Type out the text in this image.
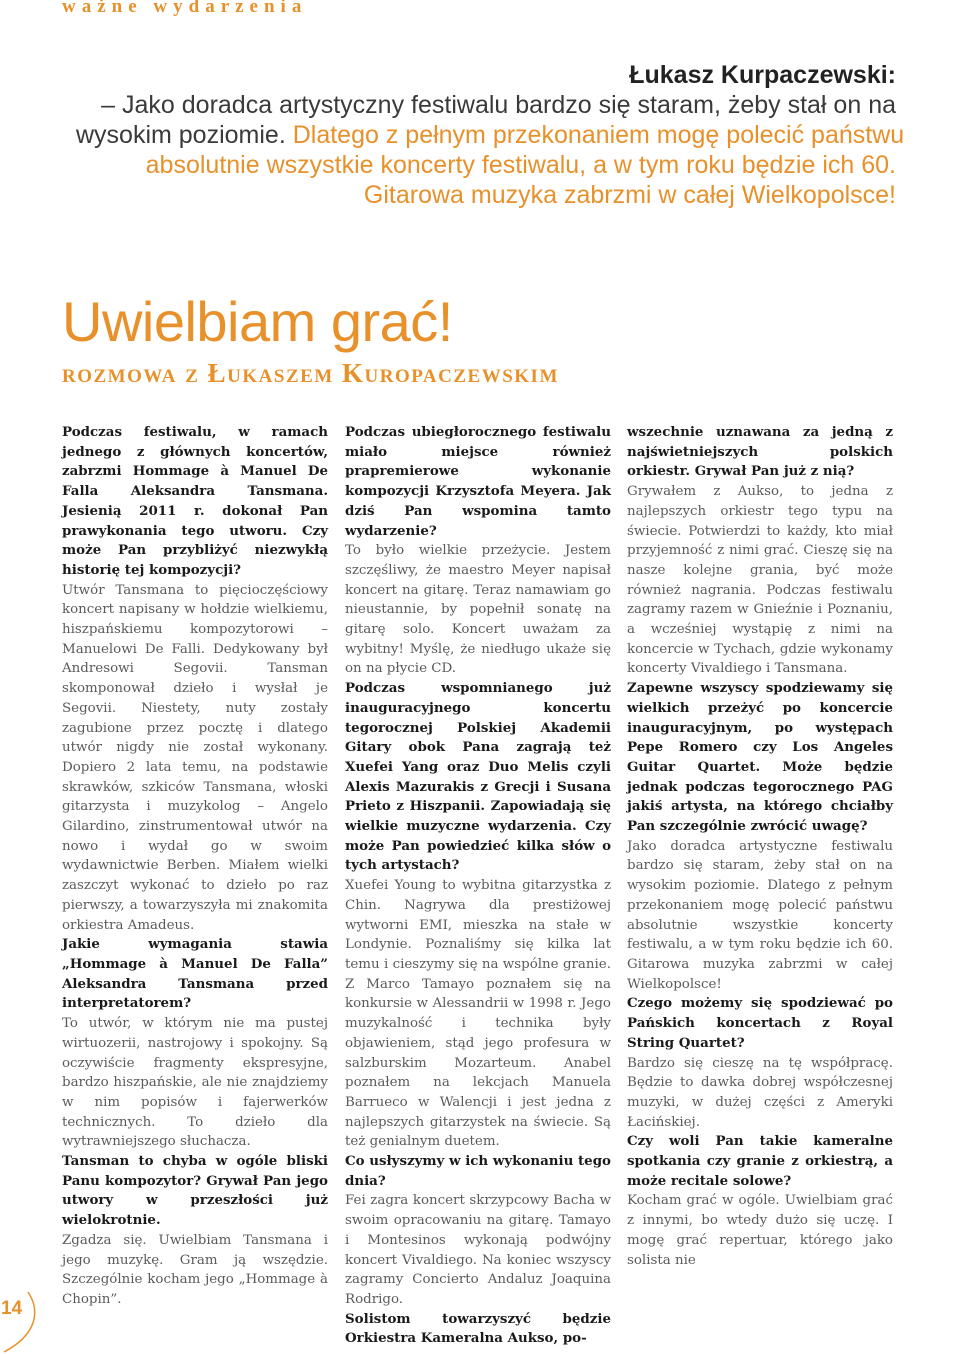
ważne wydarzenia
Łukasz Kurpaczewski:
– Jako doradca artystyczny festiwalu bardzo się staram, żeby stał on na
wysokim poziomie. Dlatego z pełnym przekonaniem mogę polecić państwu
absolutnie wszystkie koncerty festiwalu, a w tym roku będzie ich 60.
Gitarowa muzyka zabrzmi w całej Wielkopolsce!
Uwielbiam grać!
rozmowa z Łukaszem Kuropaczewskim

Podczas festiwalu, w ramach jednego z głównych koncertów, zabrzmi Hommage à Manuel De Falla Aleksandra Tansmana. Jesienią 2011 r. dokonał Pan prawykonania tego utworu. Czy może Pan przybliżyć niezwykłą historię tej kompozycji?

Utwór Tansmana to pięcioczęściowy koncert napisany w hołdzie wielkiemu, hiszpańskiemu kompozytorowi – Manuelowi De Falli. Dedykowany był Andresowi Segovii. Tansman skomponował dzieło i wysłał je Segovii. Niestety, nuty zostały zagubione przez pocztę i dlatego utwór nigdy nie został wykonany. Dopiero 2 lata temu, na podstawie skrawków, szkiców Tansmana, włoski gitarzysta i muzykolog – Angelo Gilardino, zinstrumentował utwór na nowo i wydał go w swoim wydawnictwie Berben. Miałem wielki zaszczyt wykonać to dzieło po raz pierwszy, a towarzyszyła mi znakomita orkiestra Amadeus.

Jakie wymagania stawia „Hommage à Manuel De Falla” Aleksandra Tansmana przed interpretatorem?

To utwór, w którym nie ma pustej wirtuozerii, nastrojowy i spokojny. Są oczywiście fragmenty ekspresyjne, bardzo hiszpańskie, ale nie znajdziemy w nim popisów i fajerwerków technicznych. To dzieło dla wytrawniejszego słuchacza.

Tansman to chyba w ogóle bliski Panu kompozytor? Grywał Pan jego utwory w przeszłości już wielokrotnie.

Zgadza się. Uwielbiam Tansmana i jego muzykę. Gram ją wszędzie. Szczególnie kocham jego „Hommage à Chopin”.

Podczas ubiegłorocznego festiwalu miało miejsce również prapremierowe wykonanie kompozycji Krzysztofa Meyera. Jak dziś Pan wspomina tamto wydarzenie?

To było wielkie przeżycie. Jestem szczęśliwy, że maestro Meyer napisał koncert na gitarę. Teraz namawiam go nieustannie, by popełnił sonatę na gitarę solo. Koncert uważam za wybitny! Myślę, że niedługo ukaże się on na płycie CD.

Podczas wspomnianego już inauguracyjnego koncertu tegorocznej Polskiej Akademii Gitary obok Pana zagrają też Xuefei Yang oraz Duo Melis czyli Alexis Mazurakis z Grecji i Susana Prieto z Hiszpanii. Zapowiadają się wielkie muzyczne wydarzenia. Czy może Pan powiedzieć kilka słów o tych artystach?

Xuefei Young to wybitna gitarzystka z Chin. Nagrywa dla prestiżowej wytworni EMI, mieszka na stałe w Londynie. Poznaliśmy się kilka lat temu i cieszymy się na wspólne granie. Z Marco Tamayo poznałem się na konkursie w Alessandrii w 1998 r. Jego muzykalność i technika były objawieniem, stąd jego profesura w salzburskim Mozarteum. Anabel poznałem na lekcjach Manuela Barrueco w Walencji i jest jedna z najlepszych gitarzystek na świecie. Są też genialnym duetem.

Co usłyszymy w ich wykonaniu tego dnia?

Fei zagra koncert skrzypcowy Bacha w swoim opracowaniu na gitarę. Tamayo i Montesinos wykonają podwójny koncert Vivaldiego. Na koniec wszyscy zagramy Concierto Andaluz Joaquina Rodrigo.

Solistom towarzyszyć będzie Orkiestra Kameralna Aukso, po-

wszechnie uznawana za jedną z najświetniejszych polskich orkiestr. Grywał Pan już z nią?

Grywałem z Aukso, to jedna z najlepszych orkiestr tego typu na świecie. Potwierdzi to każdy, kto miał przyjemność z nimi grać. Cieszę się na nasze kolejne grania, być może również nagrania. Podczas festiwalu zagramy razem w Gnieźnie i Poznaniu, a wcześniej wystąpię z nimi na koncercie w Tychach, gdzie wykonamy koncerty Vivaldiego i Tansmana.

Zapewne wszyscy spodziewamy się wielkich przeżyć po koncercie inauguracyjnym, po występach Pepe Romero czy Los Angeles Guitar Quartet. Może będzie jednak podczas tegorocznego PAG jakiś artysta, na którego chciałby Pan szczególnie zwrócić uwagę?

Jako doradca artystyczne festiwalu bardzo się staram, żeby stał on na wysokim poziomie. Dlatego z pełnym przekonaniem mogę polecić państwu absolutnie wszystkie koncerty festiwalu, a w tym roku będzie ich 60. Gitarowa muzyka zabrzmi w całej Wielkopolsce!

Czego możemy się spodziewać po Pańskich koncertach z Royal String Quartet?

Bardzo się cieszę na tę współpracę. Będzie to dawka dobrej współczesnej muzyki, w dużej części z Ameryki Łacińskiej.

Czy woli Pan takie kameralne spotkania czy granie z orkiestrą, a może recitale solowe?

Kocham grać w ogóle. Uwielbiam grać z innymi, bo wtedy dużo się uczę. I mogę grać repertuar, którego jako solista nie

14
